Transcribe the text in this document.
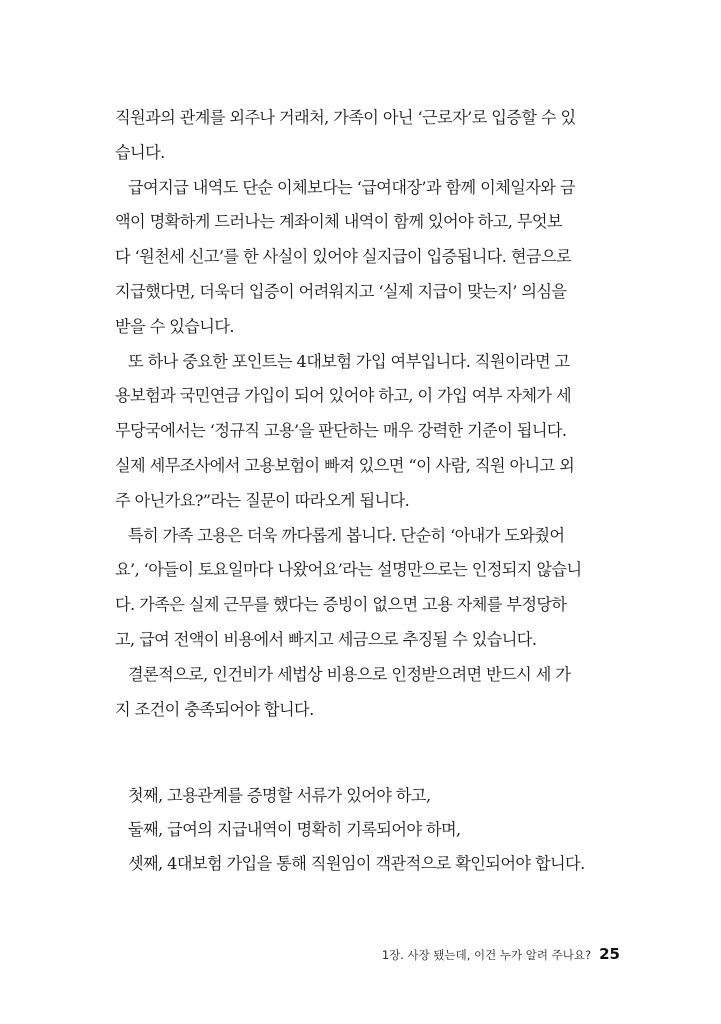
직원과의 관계를 외주나 거래처, 가족이 아닌 ‘근로자’로 입증할 수 있
습니다.
급여지급 내역도 단순 이체보다는 ‘급여대장’과 함께 이체일자와 금
액이 명확하게 드러나는 계좌이체 내역이 함께 있어야 하고, 무엇보
다 ‘원천세 신고’를 한 사실이 있어야 실지급이 입증됩니다. 현금으로
지급했다면, 더욱더 입증이 어려워지고 ‘실제 지급이 맞는지’ 의심을
받을 수 있습니다.
또 하나 중요한 포인트는 4대보험 가입 여부입니다. 직원이라면 고
용보험과 국민연금 가입이 되어 있어야 하고, 이 가입 여부 자체가 세
무당국에서는 ‘정규직 고용’을 판단하는 매우 강력한 기준이 됩니다.
실제 세무조사에서 고용보험이 빠져 있으면 “이 사람, 직원 아니고 외
주 아닌가요?”라는 질문이 따라오게 됩니다.
특히 가족 고용은 더욱 까다롭게 봅니다. 단순히 ‘아내가 도와줬어
요’, ‘아들이 토요일마다 나왔어요’라는 설명만으로는 인정되지 않습니
다. 가족은 실제 근무를 했다는 증빙이 없으면 고용 자체를 부정당하
고, 급여 전액이 비용에서 빠지고 세금으로 추징될 수 있습니다.
결론적으로, 인건비가 세법상 비용으로 인정받으려면 반드시 세 가
지 조건이 충족되어야 합니다.
첫째, 고용관계를 증명할 서류가 있어야 하고,
둘째, 급여의 지급내역이 명확히 기록되어야 하며,
셋째, 4대보험 가입을 통해 직원임이 객관적으로 확인되어야 합니다.
1장. 사장 됐는데, 이건 누가 알려 주나요? 25
